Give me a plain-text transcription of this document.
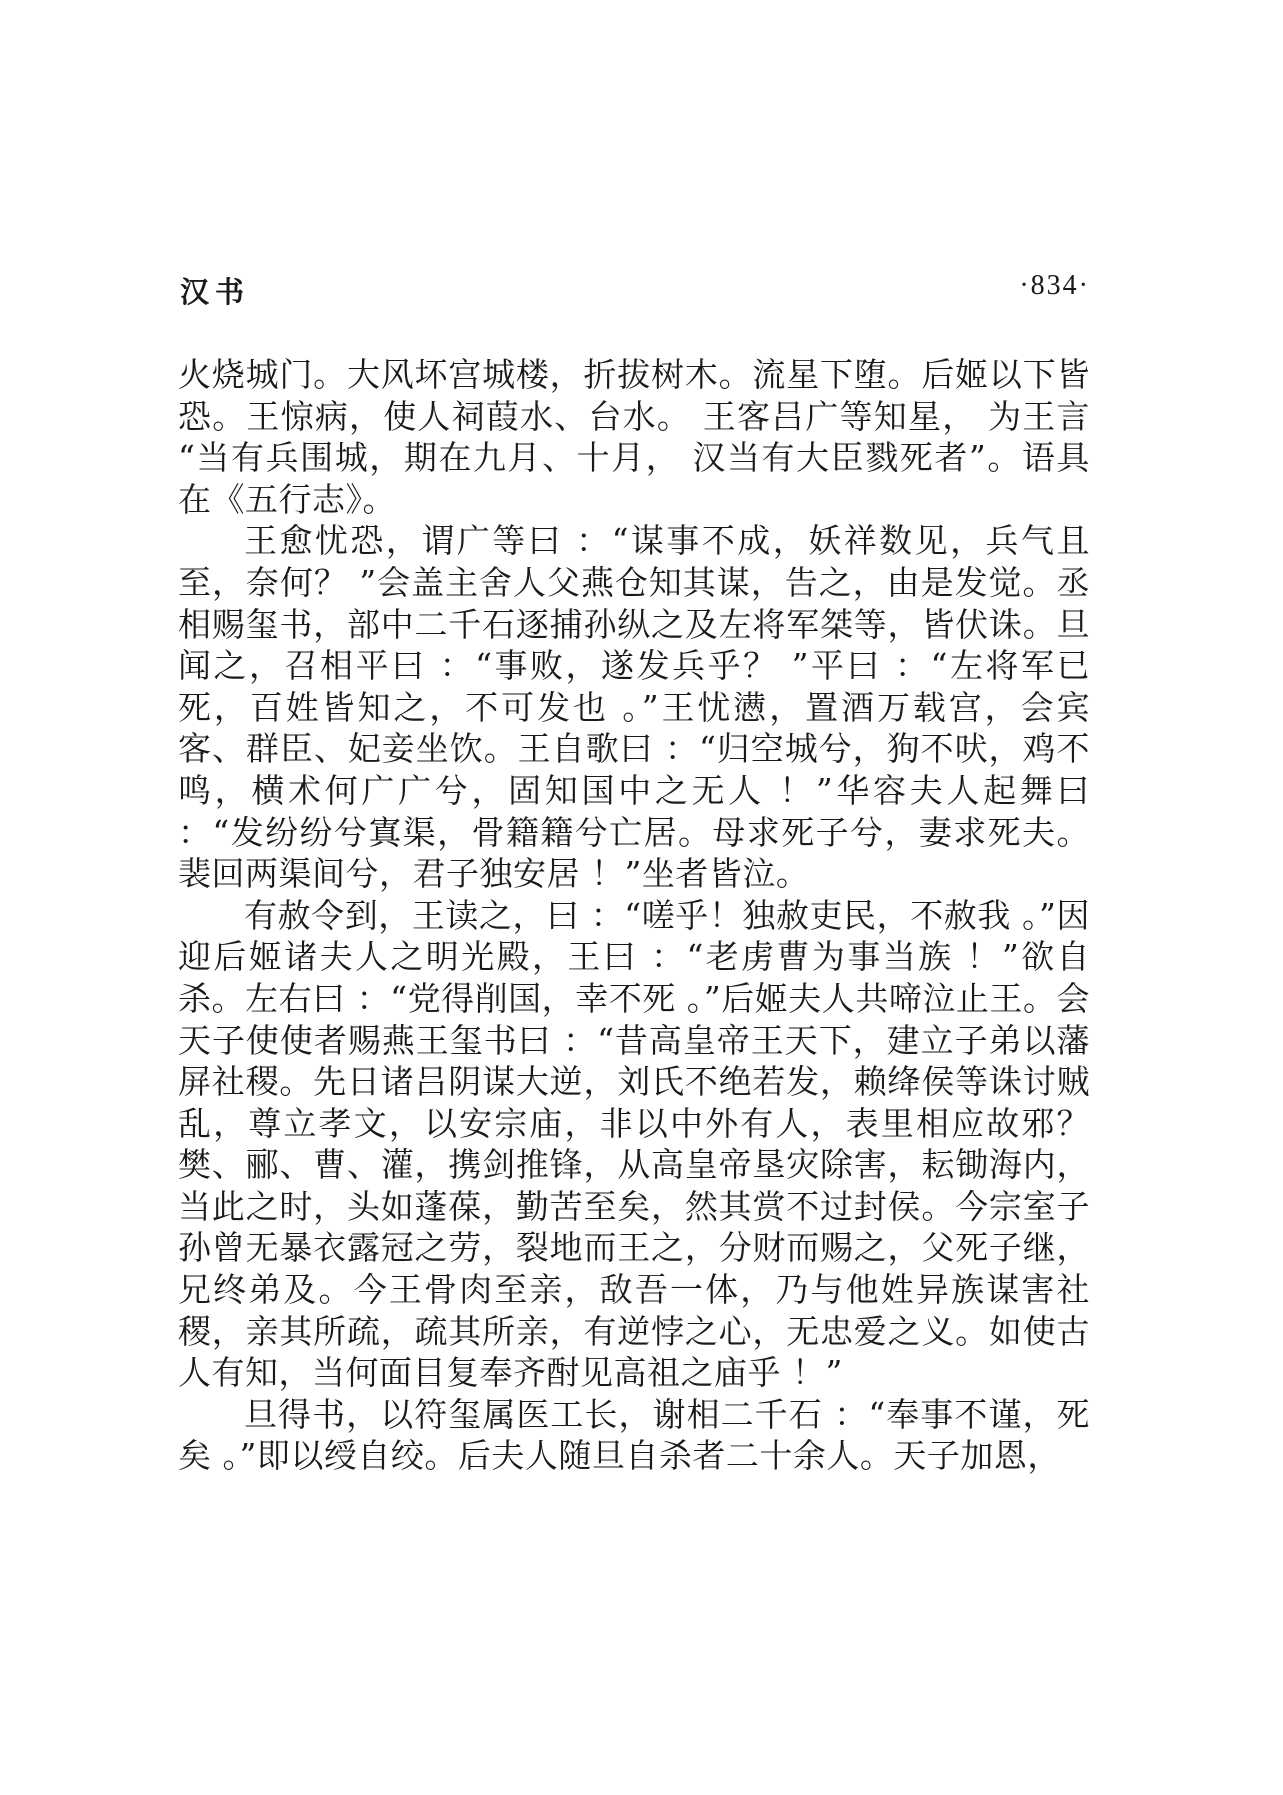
汉书	·834·

火烧城门。大风坏宫城楼，折拔树木。流星下堕。后姬以下皆恐。王惊病，使人祠葭水、台水。 王客吕广等知星， 为王言 “当有兵围城，期在九月、十月， 汉当有大臣戮死者”。语具在《五行志》。

王愈忧恐，谓广等曰 ：“谋事不成，妖祥数见，兵气且至，奈何？ ”会盖主舍人父燕仓知其谋，告之，由是发觉。丞相赐玺书，部中二千石逐捕孙纵之及左将军桀等，皆伏诛。旦闻之，召相平曰 ：“事败，遂发兵乎？ ”平曰 ：“左将军已死，百姓皆知之，不可发也 。”王忧懑，置酒万载宫，会宾客、群臣、妃妾坐饮。王自歌曰 ：“归空城兮，狗不吠，鸡不鸣，横术何广广兮，固知国中之无人 ！”华容夫人起舞曰 ：“发纷纷兮寘渠，骨籍籍兮亡居。母求死子兮，妻求死夫。裴回两渠间兮，君子独安居 ！”坐者皆泣。

有赦令到，王读之，曰 ：“嗟乎！独赦吏民，不赦我 。”因迎后姬诸夫人之明光殿，王曰 ：“老虏曹为事当族 ！”欲自杀。左右曰 ：“党得削国，幸不死 。”后姬夫人共啼泣止王。会天子使使者赐燕王玺书曰 ：“昔高皇帝王天下，建立子弟以藩屏社稷。先日诸吕阴谋大逆，刘氏不绝若发，赖绛侯等诛讨贼乱，尊立孝文，以安宗庙，非以中外有人，表里相应故邪？樊、郦、曹、灌，携剑推锋，从高皇帝垦灾除害，耘锄海内，当此之时，头如蓬葆，勤苦至矣，然其赏不过封侯。今宗室子孙曾无暴衣露冠之劳，裂地而王之，分财而赐之，父死子继，兄终弟及。今王骨肉至亲，敌吾一体，乃与他姓异族谋害社稷，亲其所疏，疏其所亲，有逆悖之心，无忠爱之义。如使古人有知，当何面目复奉齐酎见高祖之庙乎 ！”

旦得书，以符玺属医工长，谢相二千石 ：“奉事不谨，死矣 。”即以绶自绞。后夫人随旦自杀者二十余人。天子加恩，
